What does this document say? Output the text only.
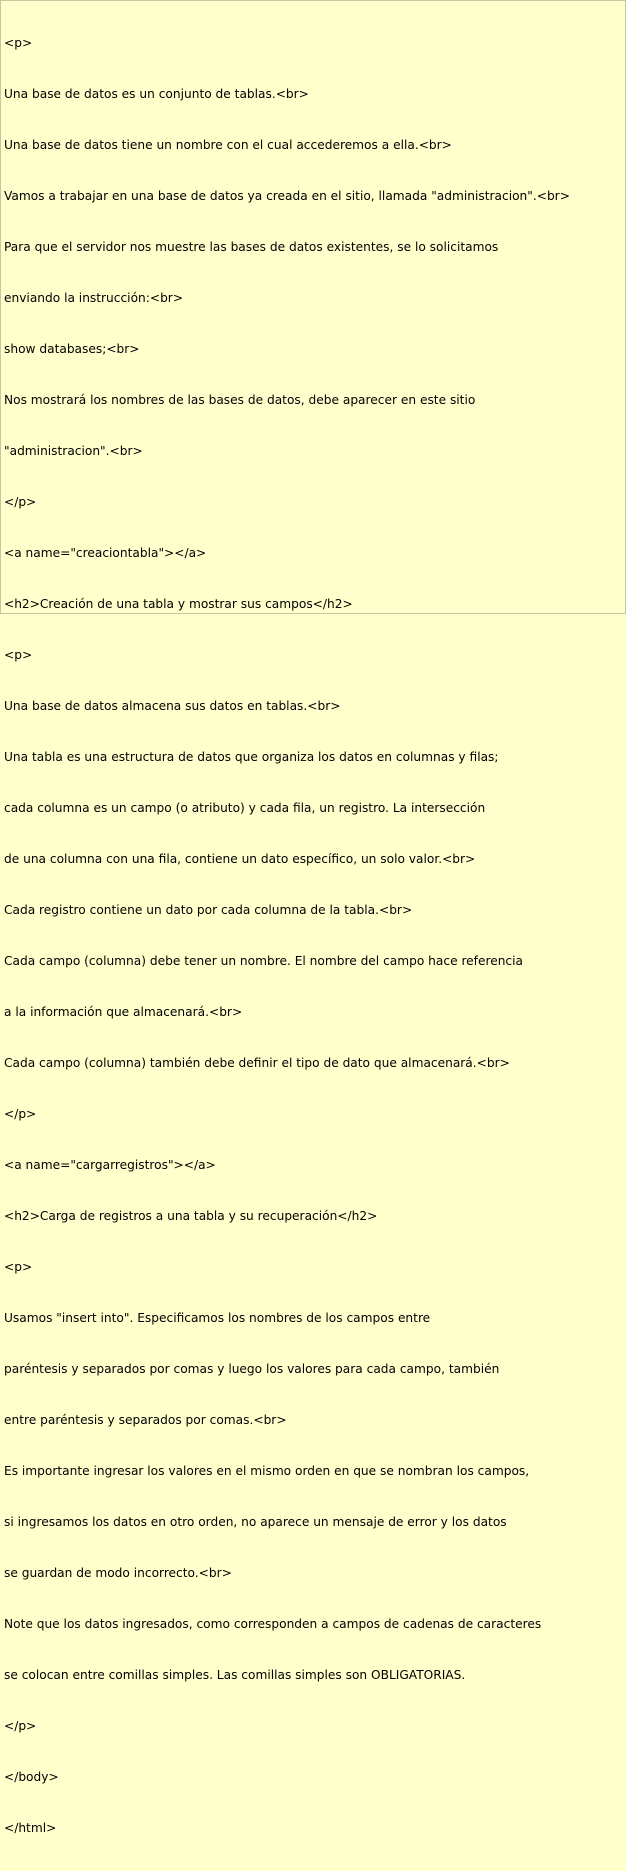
<p>

Una base de datos es un conjunto de tablas.<br>

Una base de datos tiene un nombre con el cual accederemos a ella.<br>

Vamos a trabajar en una base de datos ya creada en el sitio, llamada "administracion".<br>

Para que el servidor nos muestre las bases de datos existentes, se lo solicitamos

enviando la instrucción:<br>

show databases;<br>

Nos mostrará los nombres de las bases de datos, debe aparecer en este sitio

"administracion".<br>

</p>

<a name="creaciontabla"></a>

<h2>Creación de una tabla y mostrar sus campos</h2>

<p>

Una base de datos almacena sus datos en tablas.<br>

Una tabla es una estructura de datos que organiza los datos en columnas y filas;

cada columna es un campo (o atributo) y cada fila, un registro. La intersección

de una columna con una fila, contiene un dato específico, un solo valor.<br>

Cada registro contiene un dato por cada columna de la tabla.<br>

Cada campo (columna) debe tener un nombre. El nombre del campo hace referencia

a la información que almacenará.<br>

Cada campo (columna) también debe definir el tipo de dato que almacenará.<br>

</p>

<a name="cargarregistros"></a>

<h2>Carga de registros a una tabla y su recuperación</h2>

<p>

Usamos "insert into". Especificamos los nombres de los campos entre

paréntesis y separados por comas y luego los valores para cada campo, también

entre paréntesis y separados por comas.<br>

Es importante ingresar los valores en el mismo orden en que se nombran los campos,

si ingresamos los datos en otro orden, no aparece un mensaje de error y los datos

se guardan de modo incorrecto.<br>

Note que los datos ingresados, como corresponden a campos de cadenas de caracteres

se colocan entre comillas simples. Las comillas simples son OBLIGATORIAS.

</p>

</body>

</html>
